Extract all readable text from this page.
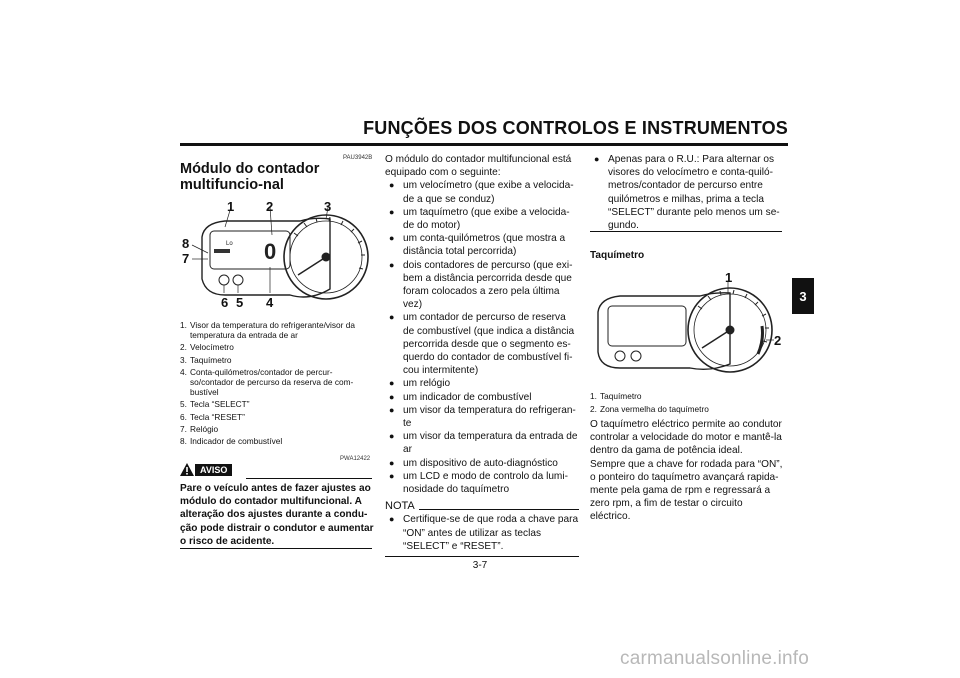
FUNÇÕES DOS CONTROLOS E INSTRUMENTOS
3
PAU3942B
Módulo do contador multifuncio-nal
0
Lo
1 2	3
8
7
6 5 4
1. Visor da temperatura do refrigerante/visor da temperatura da entrada de ar
2. Velocímetro
3. Taquímetro
4. Conta-quilómetros/contador de percur-so/contador de percurso da reserva de com-bustível
5. Tecla “SELECT”
6. Tecla “RESET”
7. Relógio
8. Indicador de combustível
PWA12422
AVISO
Pare o veículo antes de fazer ajustes ao módulo do contador multifuncional. A alteração dos ajustes durante a condu-ção pode distrair o condutor e aumentar o risco de acidente.
O módulo do contador multifuncional está equipado com o seguinte:
● um velocímetro (que exibe a velocida-de a que se conduz)
● um taquímetro (que exibe a velocida-de do motor)
● um conta-quilómetros (que mostra a distância total percorrida)
● dois contadores de percurso (que exi-bem a distância percorrida desde que foram colocados a zero pela última vez)
● um contador de percurso de reserva de combustível (que indica a distância percorrida desde que o segmento es-querdo do contador de combustível fi-cou intermitente)
● um relógio
● um indicador de combustível
● um visor da temperatura do refrigeran-te
● um visor da temperatura da entrada de ar
● um dispositivo de auto-diagnóstico
● um LCD e modo de controlo da lumi-nosidade do taquímetro
NOTA
● Certifique-se de que roda a chave para “ON” antes de utilizar as teclas “SELECT” e “RESET”.
● Apenas para o R.U.: Para alternar os visores do velocímetro e conta-quiló-metros/contador de percurso entre quilómetros e milhas, prima a tecla “SELECT” durante pelo menos um se-gundo.
Taquímetro
1
2
1. Taquímetro
2. Zona vermelha do taquímetro
O taquímetro eléctrico permite ao condutor controlar a velocidade do motor e mantê-la dentro da gama de potência ideal.
Sempre que a chave for rodada para “ON”, o ponteiro do taquímetro avançará rapida-mente pela gama de rpm e regressará a zero rpm, a fim de testar o circuito eléctrico.
3-7
carmanualsonline.info
